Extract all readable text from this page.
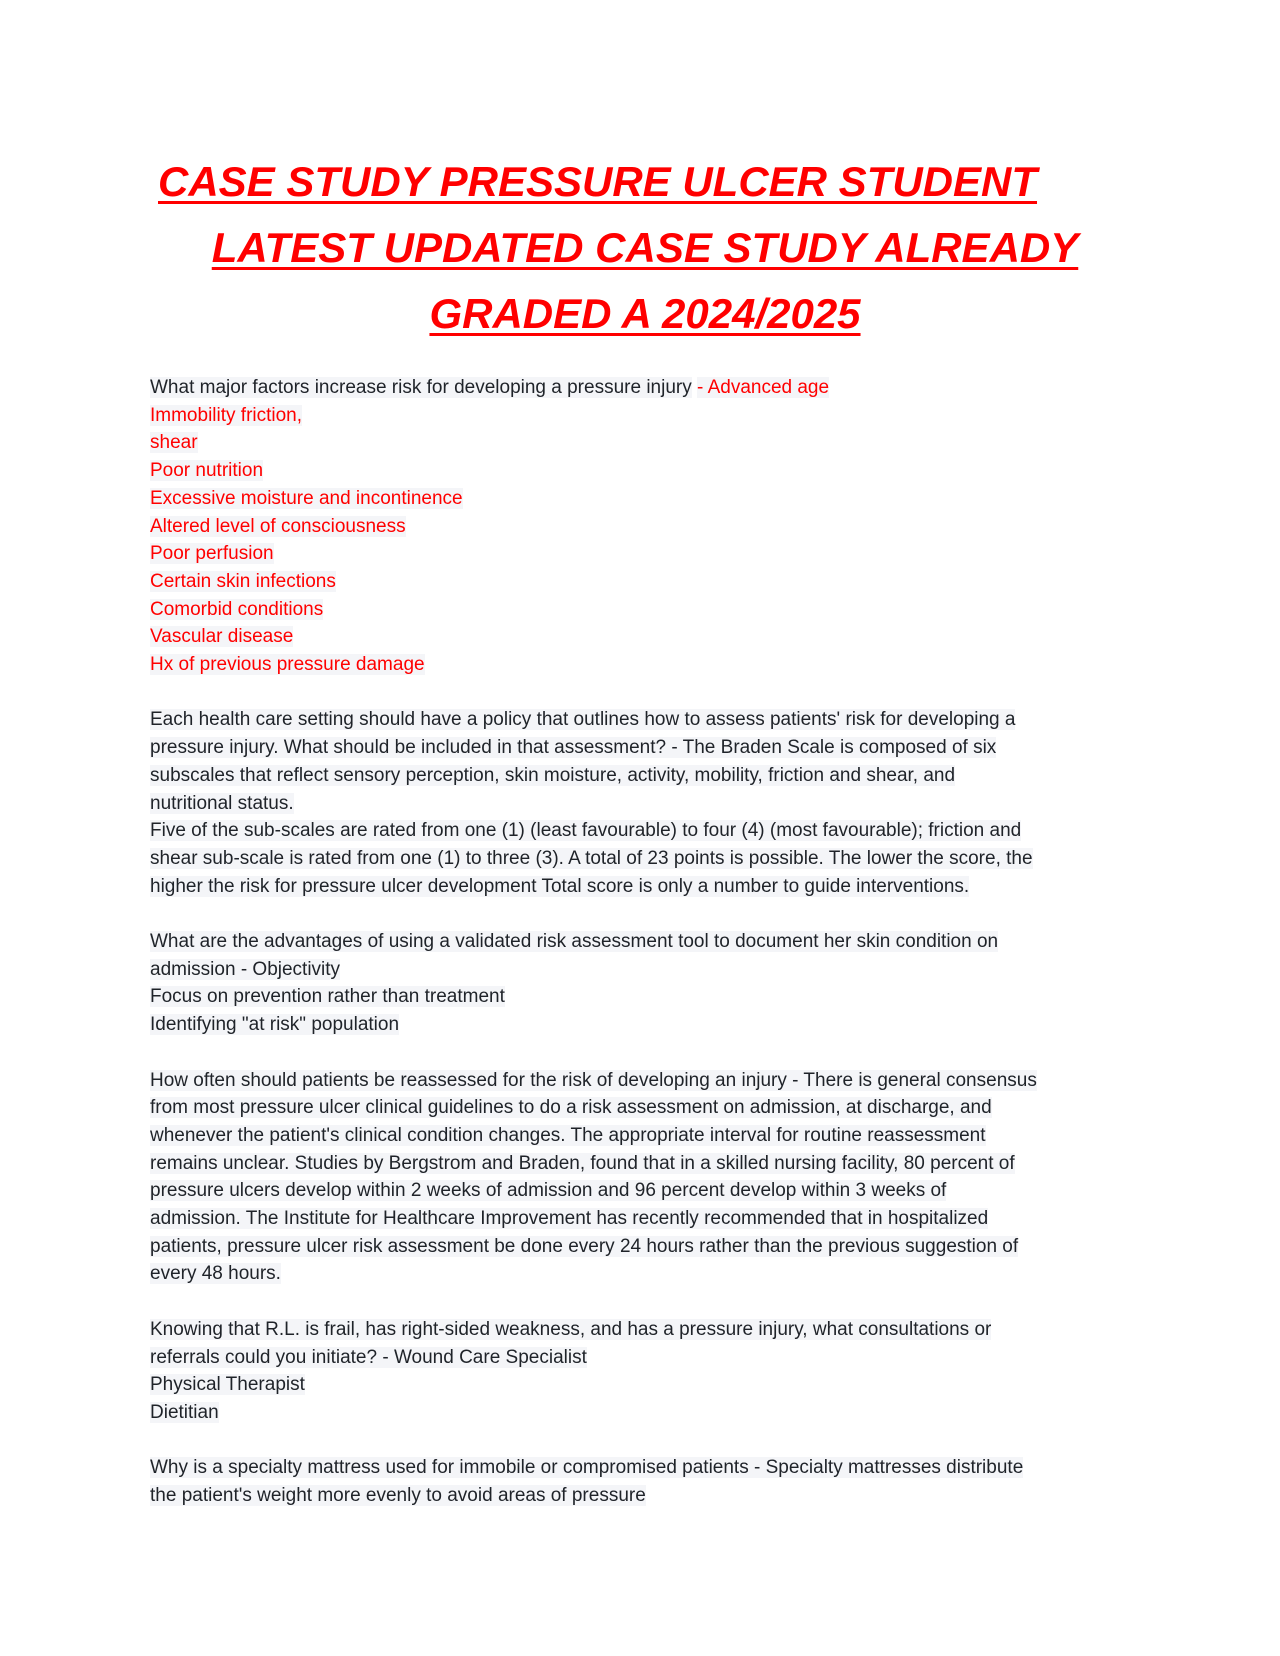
CASE STUDY PRESSURE ULCER STUDENT
LATEST UPDATED CASE STUDY ALREADY
GRADED A 2024/2025
What major factors increase risk for developing a pressure injury - Advanced age
Immobility friction,
shear
Poor nutrition
Excessive moisture and incontinence
Altered level of consciousness
Poor perfusion
Certain skin infections
Comorbid conditions
Vascular disease
Hx of previous pressure damage
Each health care setting should have a policy that outlines how to assess patients' risk for developing a
pressure injury. What should be included in that assessment? - The Braden Scale is composed of six
subscales that reflect sensory perception, skin moisture, activity, mobility, friction and shear, and
nutritional status.
Five of the sub-scales are rated from one (1) (least favourable) to four (4) (most favourable); friction and
shear sub-scale is rated from one (1) to three (3). A total of 23 points is possible. The lower the score, the
higher the risk for pressure ulcer development Total score is only a number to guide interventions.
What are the advantages of using a validated risk assessment tool to document her skin condition on
admission - Objectivity
Focus on prevention rather than treatment
Identifying "at risk" population
How often should patients be reassessed for the risk of developing an injury - There is general consensus
from most pressure ulcer clinical guidelines to do a risk assessment on admission, at discharge, and
whenever the patient's clinical condition changes. The appropriate interval for routine reassessment
remains unclear. Studies by Bergstrom and Braden, found that in a skilled nursing facility, 80 percent of
pressure ulcers develop within 2 weeks of admission and 96 percent develop within 3 weeks of
admission. The Institute for Healthcare Improvement has recently recommended that in hospitalized
patients, pressure ulcer risk assessment be done every 24 hours rather than the previous suggestion of
every 48 hours.
Knowing that R.L. is frail, has right-sided weakness, and has a pressure injury, what consultations or
referrals could you initiate? - Wound Care Specialist
Physical Therapist
Dietitian
Why is a specialty mattress used for immobile or compromised patients - Specialty mattresses distribute
the patient's weight more evenly to avoid areas of pressure
